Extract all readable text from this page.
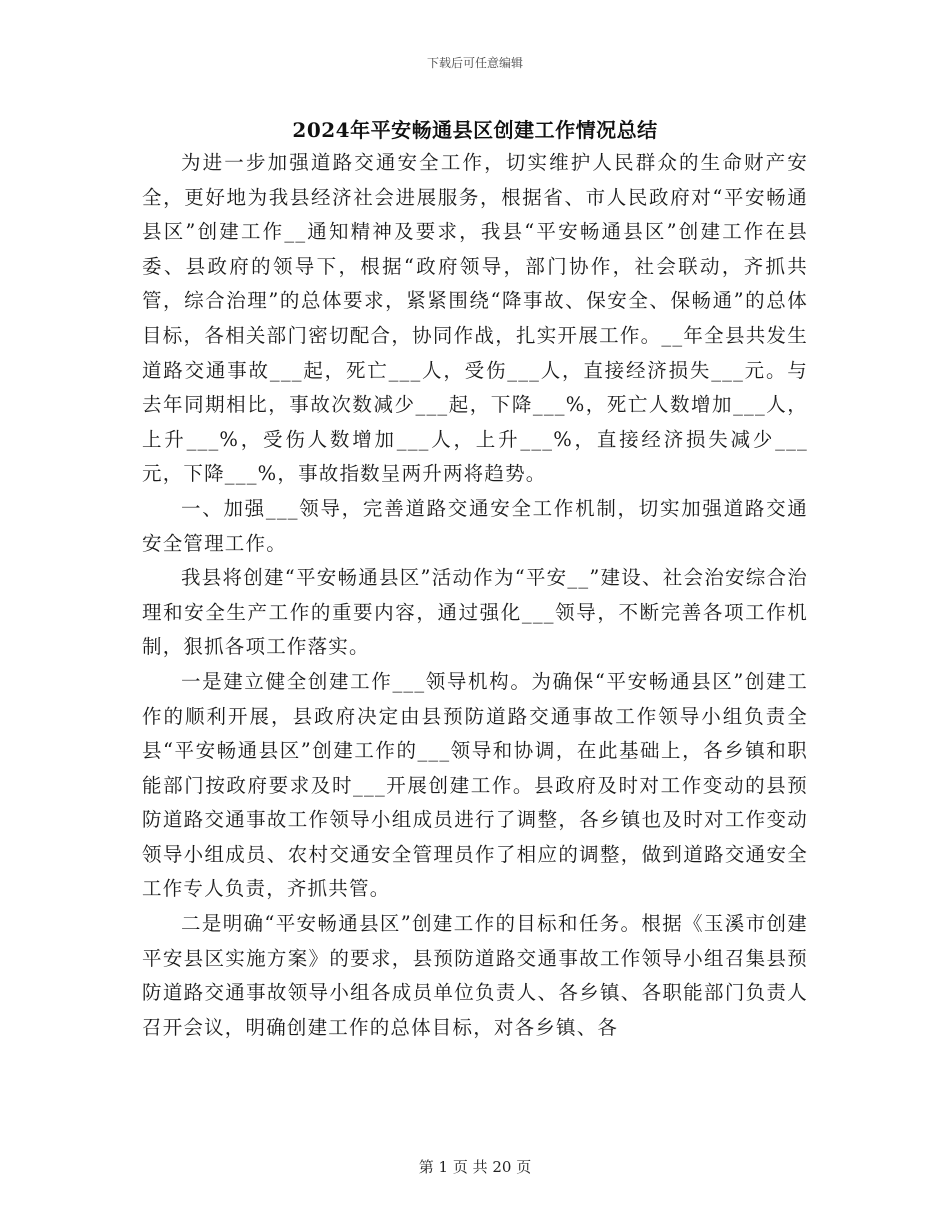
下载后可任意编辑
2024年平安畅通县区创建工作情况总结

为进一步加强道路交通安全工作，切实维护人民群众的生命财产安全，更好地为我县经济社会进展服务，根据省、市人民政府对“平安畅通县区”创建工作__通知精神及要求，我县“平安畅通县区”创建工作在县委、县政府的领导下，根据“政府领导，部门协作，社会联动，齐抓共管，综合治理”的总体要求，紧紧围绕“降事故、保安全、保畅通”的总体目标，各相关部门密切配合，协同作战，扎实开展工作。__年全县共发生道路交通事故___起，死亡___人，受伤___人，直接经济损失___元。与去年同期相比，事故次数减少___起，下降___%，死亡人数增加___人，上升___%，受伤人数增加___人，上升___%，直接经济损失减少___元，下降___%，事故指数呈两升两将趋势。

一、加强___领导，完善道路交通安全工作机制，切实加强道路交通安全管理工作。

我县将创建“平安畅通县区”活动作为“平安__”建设、社会治安综合治理和安全生产工作的重要内容，通过强化___领导，不断完善各项工作机制，狠抓各项工作落实。

一是建立健全创建工作___领导机构。为确保“平安畅通县区”创建工作的顺利开展，县政府决定由县预防道路交通事故工作领导小组负责全县“平安畅通县区”创建工作的___领导和协调，在此基础上，各乡镇和职能部门按政府要求及时___开展创建工作。县政府及时对工作变动的县预防道路交通事故工作领导小组成员进行了调整，各乡镇也及时对工作变动领导小组成员、农村交通安全管理员作了相应的调整，做到道路交通安全工作专人负责，齐抓共管。

二是明确“平安畅通县区”创建工作的目标和任务。根据《玉溪市创建平安县区实施方案》的要求，县预防道路交通事故工作领导小组召集县预防道路交通事故领导小组各成员单位负责人、各乡镇、各职能部门负责人召开会议，明确创建工作的总体目标，对各乡镇、各

第 1 页 共 20 页
